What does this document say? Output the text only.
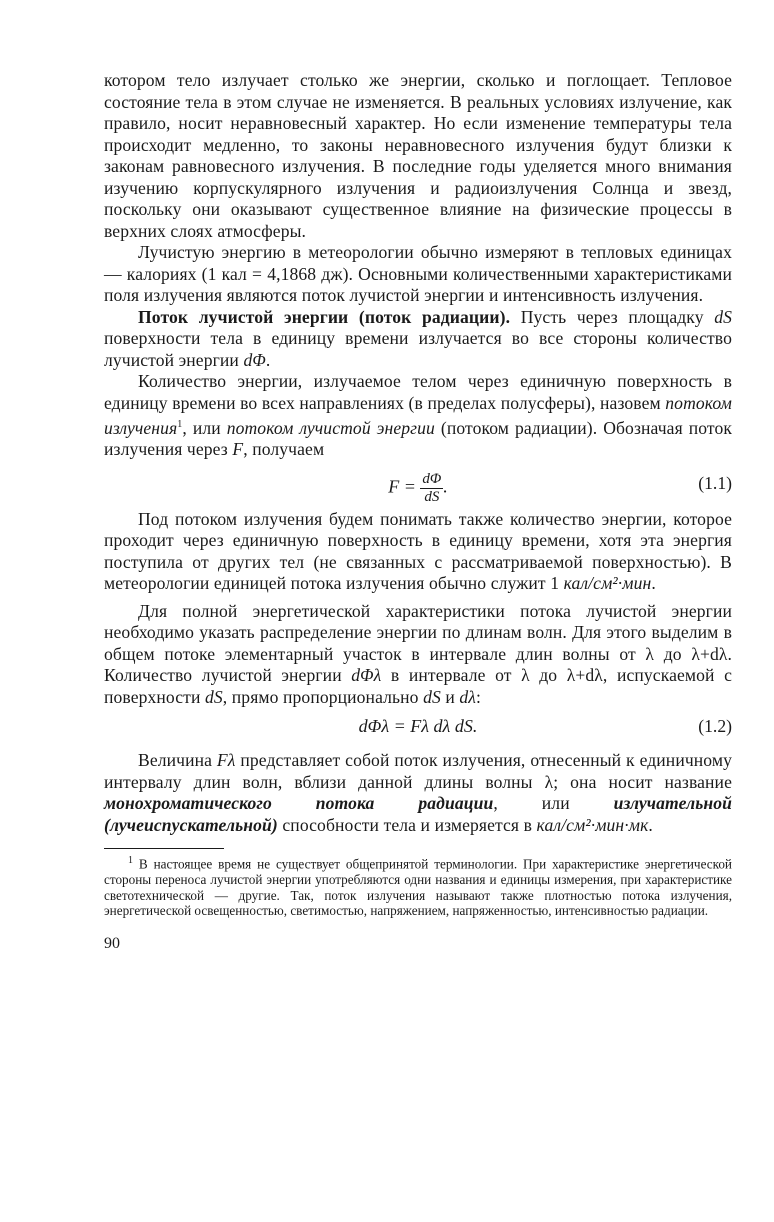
котором тело излучает столько же энергии, сколько и поглощает. Тепловое состояние тела в этом случае не изменяется. В реальных условиях излучение, как правило, носит неравновесный характер. Но если изменение температуры тела происходит медленно, то законы неравновесного излучения будут близки к законам равновесного излучения. В последние годы уделяется много внимания изучению корпускулярного излучения и радиоизлучения Солнца и звезд, поскольку они оказывают существенное влияние на физические процессы в верхних слоях атмосферы.

Лучистую энергию в метеорологии обычно измеряют в тепловых единицах — калориях (1 кал = 4,1868 дж). Основными количественными характеристиками поля излучения являются поток лучистой энергии и интенсивность излучения.

Поток лучистой энергии (поток радиации). Пусть через площадку dS поверхности тела в единицу времени излучается во все стороны количество лучистой энергии dΦ.

Количество энергии, излучаемое телом через единичную поверхность в единицу времени во всех направлениях (в пределах полусферы), назовем потоком излучения$^1$, или потоком лучистой энергии (потоком радиации). Обозначая поток излучения через F, получаем

$F = \frac{d\Phi}{dS}$ .	(1.1)

Под потоком излучения будем понимать также количество энергии, которое проходит через единичную поверхность в единицу времени, хотя эта энергия поступила от других тел (не связанных с рассматриваемой поверхностью). В метеорологии единицей потока излучения обычно служит 1 кал/см²·мин.

Для полной энергетической характеристики потока лучистой энергии необходимо указать распределение энергии по длинам волн. Для этого выделим в общем потоке элементарный участок в интервале длин волны от λ до λ+dλ. Количество лучистой энергии dΦλ в интервале от λ до λ+dλ, испускаемой с поверхности dS, прямо пропорционально dS и dλ:

dΦλ = Fλ dλ dS.	(1.2)

Величина Fλ представляет собой поток излучения, отнесенный к единичному интервалу длин волн, вблизи данной длины волны λ; она носит название монохроматического потока радиации, или излучательной (лучеиспускательной) способности тела и измеряется в кал/см²·мин·мк.

$^1$ В настоящее время не существует общепринятой терминологии. При характеристике энергетической стороны переноса лучистой энергии употребляются одни названия и единицы измерения, при характеристике светотехнической — другие. Так, поток излучения называют также плотностью потока излучения, энергетической освещенностью, светимостью, напряжением, напряженностью, интенсивностью радиации.

90
